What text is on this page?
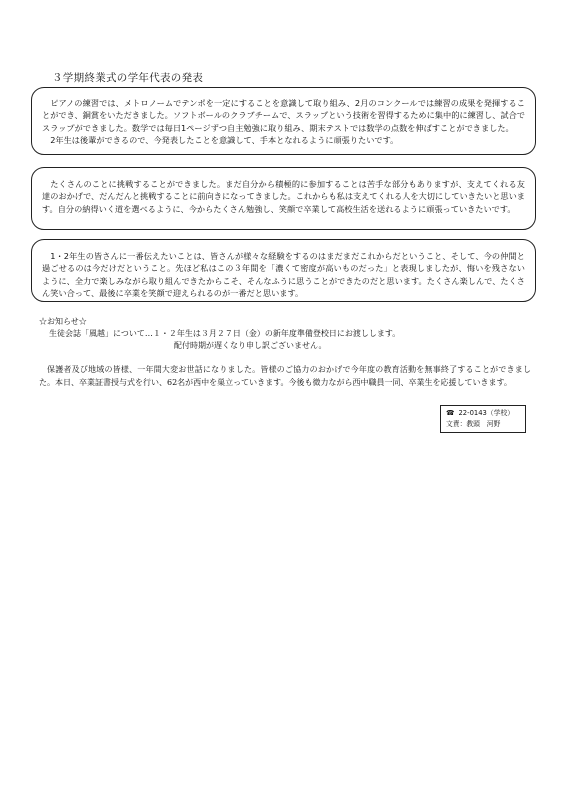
３学期終業式の学年代表の発表

ピアノの練習では、メトロノームでテンポを一定にすることを意識して取り組み、2月のコンクールでは練習の成果を発揮することができ、銅賞をいただきました。ソフトボールのクラブチームで、スラップという技術を習得するために集中的に練習し、試合でスラップができました。数学では毎日1ページずつ自主勉強に取り組み、期末テストでは数学の点数を伸ばすことができました。

2年生は後輩ができるので、今発表したことを意識して、手本となれるように頑張りたいです。

たくさんのことに挑戦することができました。まだ自分から積極的に参加することは苦手な部分もありますが、支えてくれる友達のおかげで、だんだんと挑戦することに前向きになってきました。これからも私は支えてくれる人を大切にしていきたいと思います。自分の納得いく道を選べるように、今からたくさん勉強し、笑顔で卒業して高校生活を送れるように頑張っていきたいです。

1・2年生の皆さんに一番伝えたいことは、皆さんが様々な経験をするのはまだまだこれからだということ、そして、今の仲間と過ごせるのは今だけだということ。先ほど私はこの３年間を「濃くて密度が高いものだった」と表現しましたが、悔いを残さないように、全力で楽しみながら取り組んできたからこそ、そんなふうに思うことができたのだと思います。たくさん楽しんで、たくさん笑い合って、最後に卒業を笑顔で迎えられるのが一番だと思います。

☆お知らせ☆
生徒会誌「風越」について…１・２年生は３月２７日（金）の新年度準備登校日にお渡しします。
配付時期が遅くなり申し訳ございません。

保護者及び地域の皆様、一年間大変お世話になりました。皆様のご協力のおかげで今年度の教育活動を無事終了することができました。本日、卒業証書授与式を行い、62名が西中を巣立っていきます。今後も微力ながら西中職員一同、卒業生を応援していきます。

☎ 22-0143（学校）
文責：教頭　河野
